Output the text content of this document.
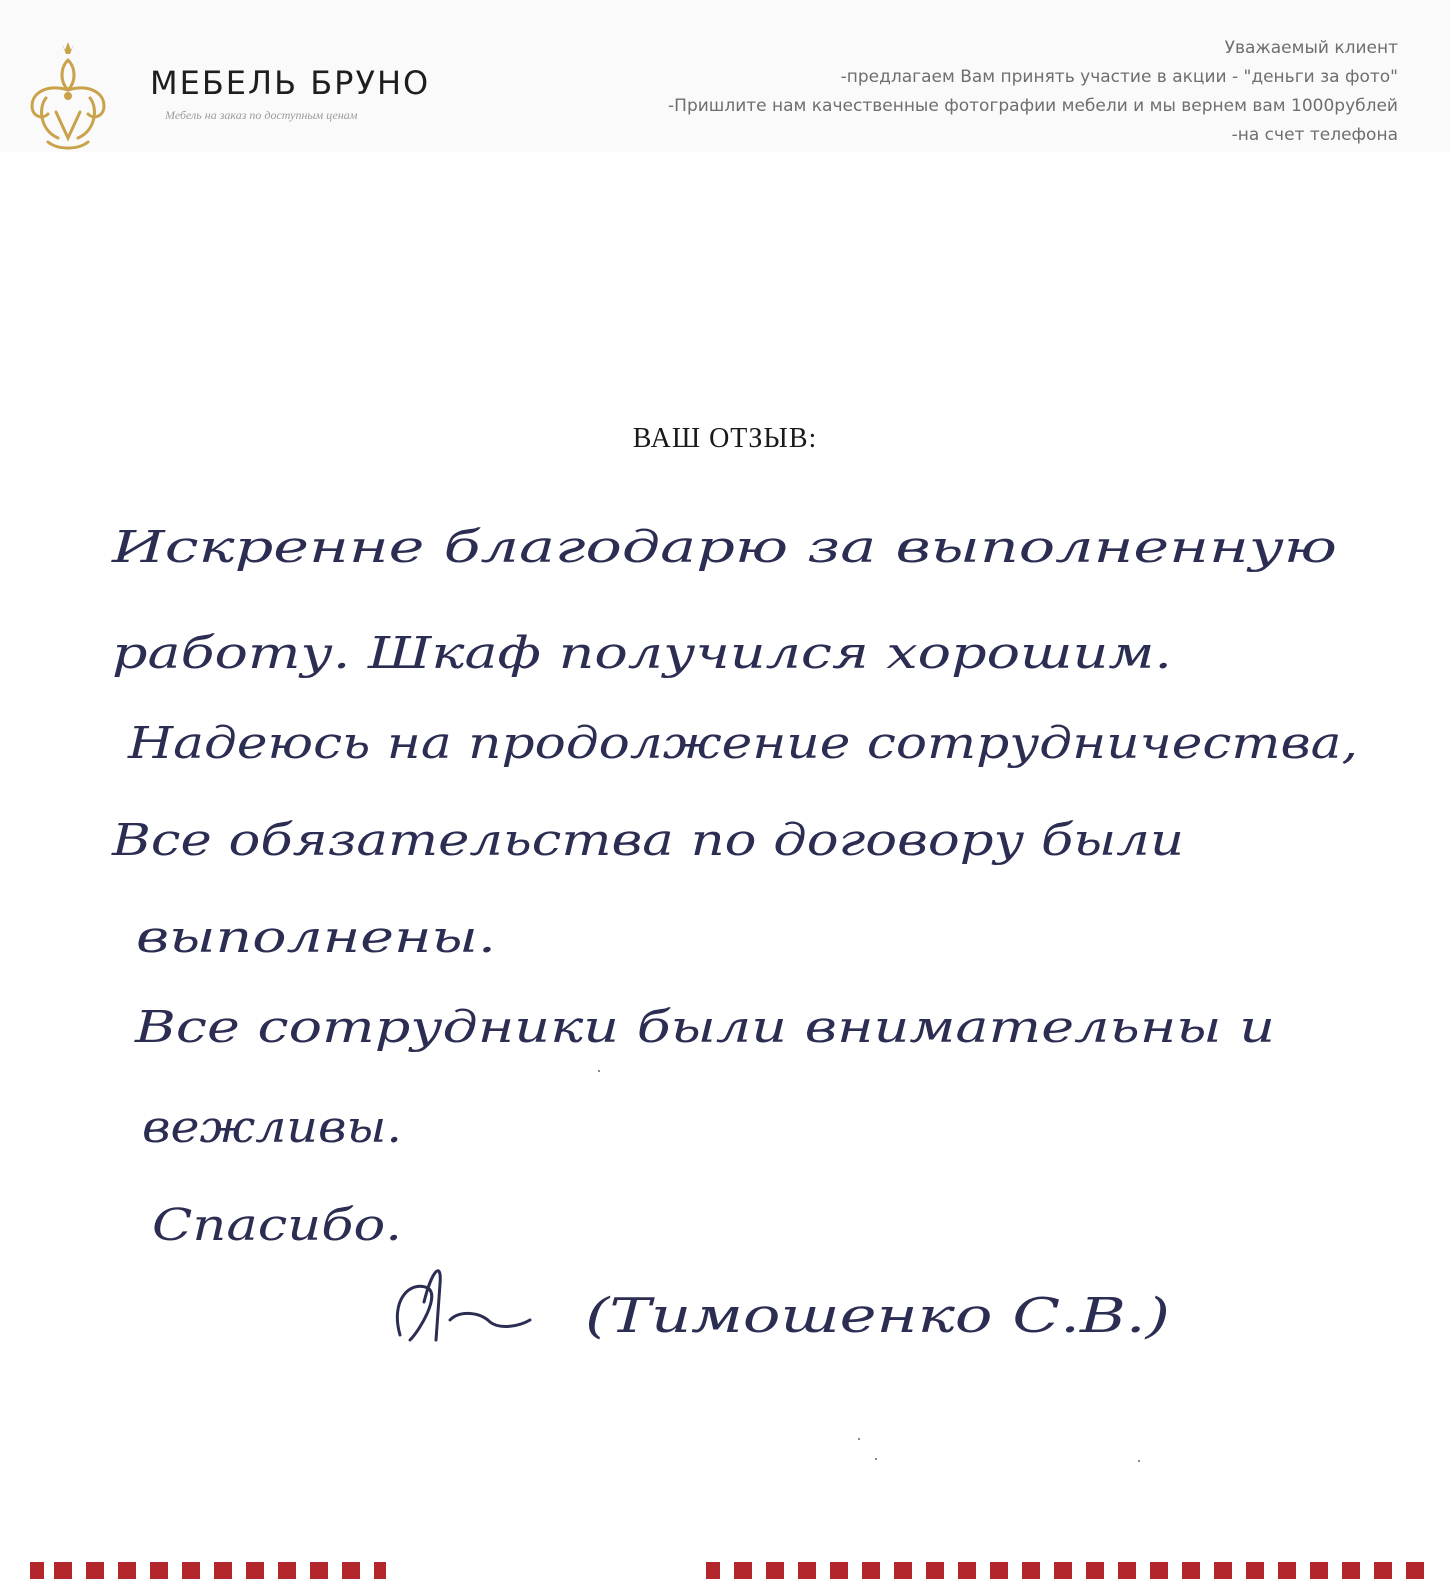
МЕБЕЛЬ БРУНО
Мебель на заказ по доступным ценам
Уважаемый клиент
-предлагаем Вам принять участие в акции - "деньги за фото"
-Пришлите нам качественные фотографии мебели и мы вернем вам 1000рублей
-на счет телефона
ВАШ ОТЗЫВ:
Искренне благодарю за выполненную
работу. Шкаф получился хорошим.
Надеюсь на продолжение сотрудничества,
Все обязательства по договору были
выполнены.
Все сотрудники были внимательны и
вежливы.
Спасибо.
(Тимошенко С.В.)
